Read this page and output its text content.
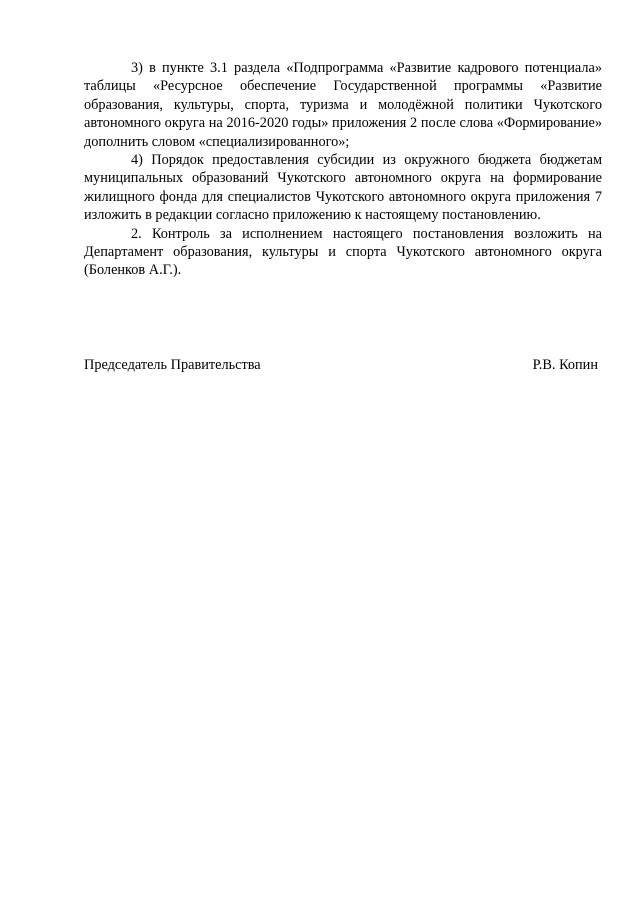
3) в пункте 3.1 раздела «Подпрограмма «Развитие кадрового потенциала» таблицы «Ресурсное обеспечение Государственной программы «Развитие образования, культуры, спорта, туризма и молодёжной политики Чукотского автономного округа на 2016-2020 годы» приложения 2 после слова «Формирование» дополнить словом «специализированного»;

4) Порядок предоставления субсидии из окружного бюджета бюджетам муниципальных образований Чукотского автономного округа на формирование жилищного фонда для специалистов Чукотского автономного округа приложения 7 изложить в редакции согласно приложению к настоящему постановлению.

2. Контроль за исполнением настоящего постановления возложить на Департамент образования, культуры и спорта Чукотского автономного округа (Боленков А.Г.).

Председатель Правительства	Р.В. Копин
